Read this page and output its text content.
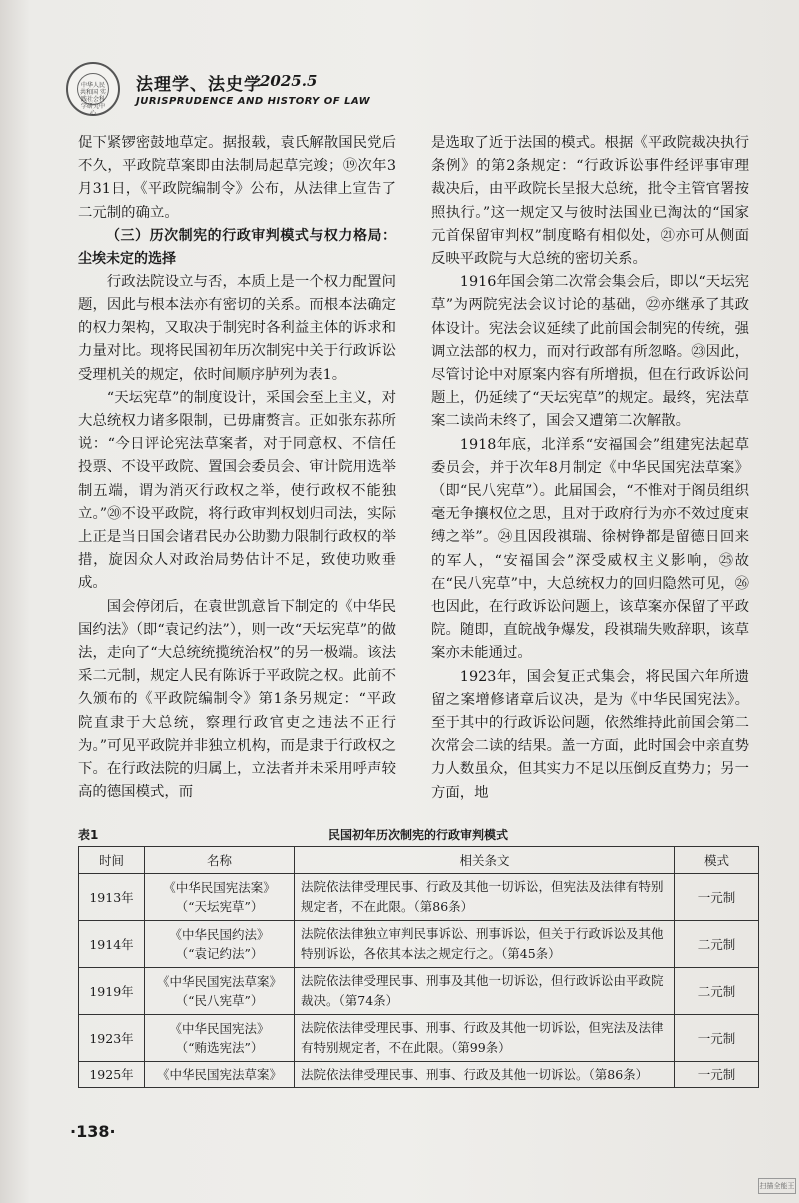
中华人民共和国 实践社会科学研究中心
法理学、法史学
2025.5
JURISPRUDENCE AND HISTORY OF LAW

促下紧锣密鼓地草定。据报载，袁氏解散国民党后不久，平政院草案即由法制局起草完竣；⑲次年3月31日，《平政院编制令》公布，从法律上宣告了二元制的确立。

（三）历次制宪的行政审判模式与权力格局：尘埃未定的选择

行政法院设立与否，本质上是一个权力配置问题，因此与根本法亦有密切的关系。而根本法确定的权力架构，又取决于制宪时各利益主体的诉求和力量对比。现将民国初年历次制宪中关于行政诉讼受理机关的规定，依时间顺序胪列为表1。

“天坛宪草”的制度设计，采国会至上主义，对大总统权力诸多限制，已毋庸赘言。正如张东荪所说：“今日评论宪法草案者，对于同意权、不信任投票、不设平政院、置国会委员会、审计院用选举制五端，谓为消灭行政权之举，使行政权不能独立。”⑳不设平政院，将行政审判权划归司法，实际上正是当日国会诸君民办公助勠力限制行政权的举措，旋因众人对政治局势估计不足，致使功败垂成。

国会停闭后，在袁世凯意旨下制定的《中华民国约法》（即“袁记约法”），则一改“天坛宪草”的做法，走向了“大总统统揽统治权”的另一极端。该法采二元制，规定人民有陈诉于平政院之权。此前不久颁布的《平政院编制令》第1条另规定：“平政院直隶于大总统，察理行政官吏之违法不正行为。”可见平政院并非独立机构，而是隶于行政权之下。在行政法院的归属上，立法者并未采用呼声较高的德国模式，而

是选取了近于法国的模式。根据《平政院裁决执行条例》的第2条规定：“行政诉讼事件经评事审理裁决后，由平政院长呈报大总统，批令主管官署按照执行。”这一规定又与彼时法国业已淘汰的“国家元首保留审判权”制度略有相似处，㉑亦可从侧面反映平政院与大总统的密切关系。

1916年国会第二次常会集会后，即以“天坛宪草”为两院宪法会议讨论的基础，㉒亦继承了其政体设计。宪法会议延续了此前国会制宪的传统，强调立法部的权力，而对行政部有所忽略。㉓因此，尽管讨论中对原案内容有所增损，但在行政诉讼问题上，仍延续了“天坛宪草”的规定。最终，宪法草案二读尚未终了，国会又遭第二次解散。

1918年底，北洋系“安福国会”组建宪法起草委员会，并于次年8月制定《中华民国宪法草案》（即“民八宪草”）。此届国会，“不惟对于阁员组织毫无争攘权位之思，且对于政府行为亦不效过度束缚之举”。㉔且因段祺瑞、徐树铮都是留德日回来的军人，“安福国会”深受威权主义影响，㉕故在“民八宪草”中，大总统权力的回归隐然可见，㉖也因此，在行政诉讼问题上，该草案亦保留了平政院。随即，直皖战争爆发，段祺瑞失败辞职，该草案亦未能通过。

1923年，国会复正式集会，将民国六年所遗留之案增修诸章后议决，是为《中华民国宪法》。至于其中的行政诉讼问题，依然维持此前国会第二次常会二读的结果。盖一方面，此时国会中亲直势力人数虽众，但其实力不足以压倒反直势力；另一方面，地

表1	民国初年历次制宪的行政审判模式
时间	名称	相关条文	模式
1913年	《中华民国宪法案》
（“天坛宪草”）	法院依法律受理民事、行政及其他一切诉讼，但宪法及法律有特别规定者，不在此限。（第86条）	一元制
1914年	《中华民国约法》
（“袁记约法”）	法院依法律独立审判民事诉讼、刑事诉讼，但关于行政诉讼及其他特别诉讼，各依其本法之规定行之。（第45条）	二元制
1919年	《中华民国宪法草案》
（“民八宪草”）	法院依法律受理民事、刑事及其他一切诉讼，但行政诉讼由平政院裁决。（第74条）	二元制
1923年	《中华民国宪法》
（“贿选宪法”）	法院依法律受理民事、刑事、行政及其他一切诉讼，但宪法及法律有特别规定者，不在此限。（第99条）	一元制
1925年	《中华民国宪法草案》	法院依法律受理民事、刑事、行政及其他一切诉讼。（第86条）	一元制
·138·
扫描全能王
